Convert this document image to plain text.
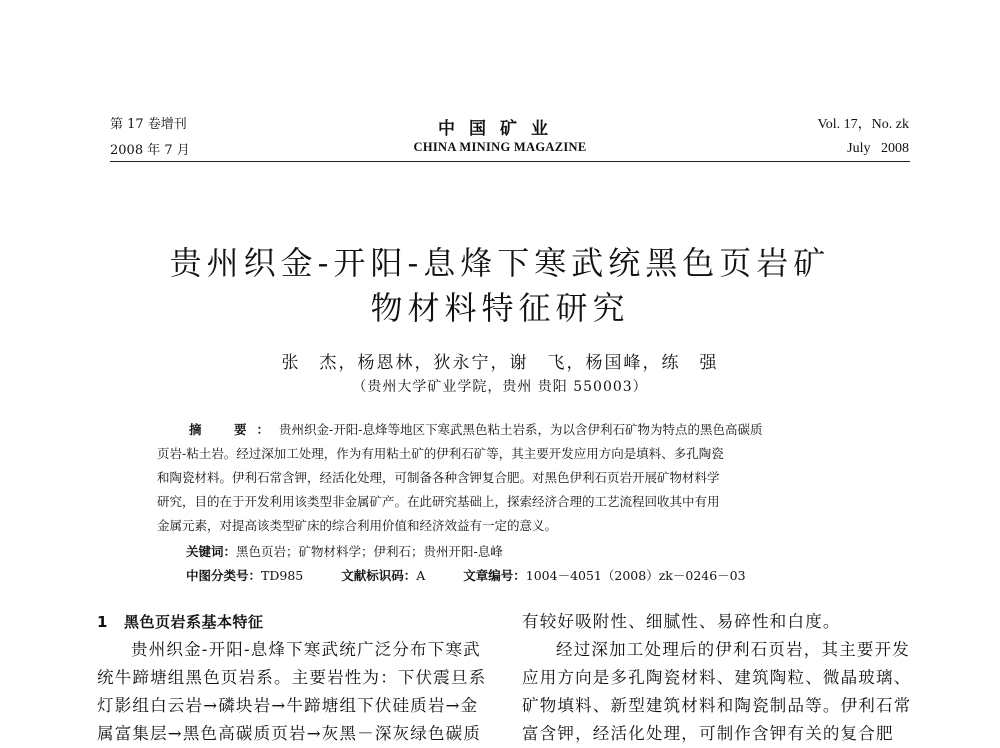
第 17 卷增刊
2008 年 7 月
中国矿业
CHINA MINING MAGAZINE
Vol. 17，No. zk
July   2008
贵州织金-开阳-息烽下寒武统黑色页岩矿
物材料特征研究
张　杰，杨恩林，狄永宁，谢　飞，杨国峰，练　强
（贵州大学矿业学院，贵州 贵阳 550003）
摘　要：贵州织金-开阳-息烽等地区下寒武黑色粘土岩系，为以含伊利石矿物为特点的黑色高碳质
页岩-粘土岩。经过深加工处理，作为有用粘土矿的伊利石矿等，其主要开发应用方向是填料、多孔陶瓷
和陶瓷材料。伊利石常含钾，经活化处理，可制备各种含钾复合肥。对黑色伊利石页岩开展矿物材料学
研究，目的在于开发利用该类型非金属矿产。在此研究基础上，探索经济合理的工艺流程回收其中有用
金属元素，对提高该类型矿床的综合利用价值和经济效益有一定的意义。
关键词：黑色页岩；矿物材料学；伊利石；贵州开阳-息峰
中图分类号：TD985	文献标识码：A	文章编号：1004－4051（2008）zk－0246－03
1 黑色页岩系基本特征
贵州织金-开阳-息烽下寒武统广泛分布下寒武
统牛蹄塘组黑色页岩系。主要岩性为：下伏震旦系
灯影组白云岩→磷块岩→牛蹄塘组下伏硅质岩→金
属富集层→黑色高碳质页岩→灰黑－深灰绿色碳质
有较好吸附性、细腻性、易碎性和白度。
经过深加工处理后的伊利石页岩，其主要开发
应用方向是多孔陶瓷材料、建筑陶粒、微晶玻璃、
矿物填料、新型建筑材料和陶瓷制品等。伊利石常
富含钾，经活化处理，可制作含钾有关的复合肥
